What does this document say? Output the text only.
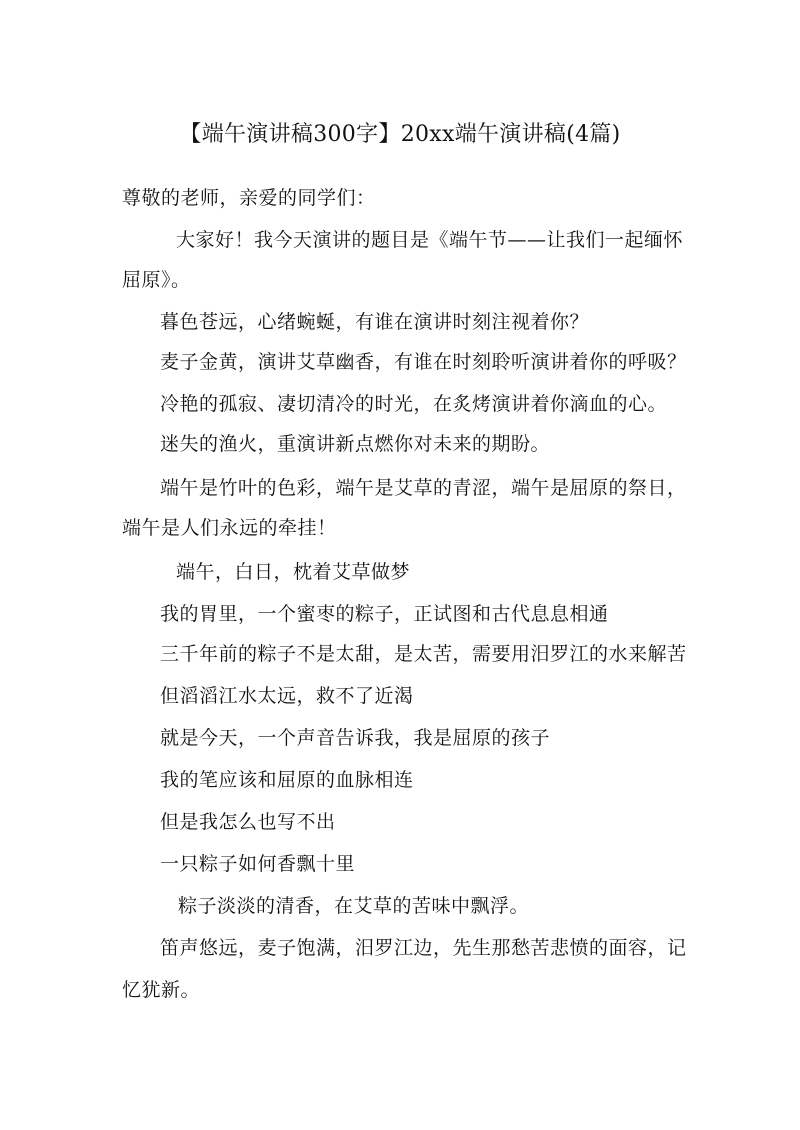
【端午演讲稿300字】20xx端午演讲稿(4篇)
尊敬的老师，亲爱的同学们：
大家好！我今天演讲的题目是《端午节——让我们一起缅怀
屈原》。
暮色苍远，心绪蜿蜒，有谁在演讲时刻注视着你？
麦子金黄，演讲艾草幽香，有谁在时刻聆听演讲着你的呼吸？
冷艳的孤寂、凄切清冷的时光，在炙烤演讲着你滴血的心。
迷失的渔火，重演讲新点燃你对未来的期盼。
端午是竹叶的色彩，端午是艾草的青涩，端午是屈原的祭日，
端午是人们永远的牵挂！
端午，白日，枕着艾草做梦
我的胃里，一个蜜枣的粽子，正试图和古代息息相通
三千年前的粽子不是太甜，是太苦，需要用汨罗江的水来解苦
但滔滔江水太远，救不了近渴
就是今天，一个声音告诉我，我是屈原的孩子
我的笔应该和屈原的血脉相连
但是我怎么也写不出
一只粽子如何香飘十里
粽子淡淡的清香，在艾草的苦味中飘浮。
笛声悠远，麦子饱满，汨罗江边，先生那愁苦悲愤的面容，记
忆犹新。
